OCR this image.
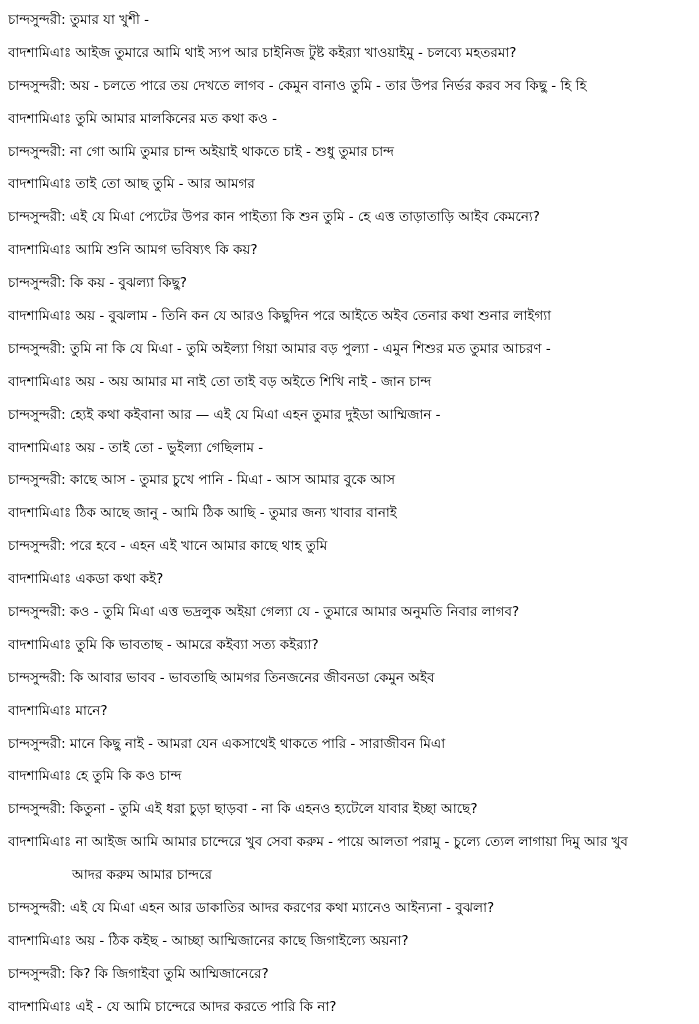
চান্দসুন্দরী: তুমার যা খুশী -
বাদশামিএাঃ আইজ তুমারে আমি থাই স্যপ আর চাইনিজ টুষ্ট কইর‍্যা খাওয়াইমু - চলব্যে মহতরমা?
চান্দসুন্দরী: অয় - চলতে পারে তয় দেখতে লাগব - কেমুন বানাও তুমি - তার উপর নির্ভর করব সব কিছু - হি হি
বাদশামিএাঃ তুমি আমার মালকিনের মত কথা কও -
চান্দসুন্দরী: না গো আমি তুমার চান্দ অইয়াই থাকতে চাই - শুধু তুমার চান্দ
বাদশামিএাঃ তাই তো আছ তুমি - আর আমগর
চান্দসুন্দরী: এই যে মিএা প্যেটের উপর কান পাইত্যা কি শুন তুমি - হে এত্ত তাড়াতাড়ি আইব কেমন্যে?
বাদশামিএাঃ আমি শুনি আমগ ভবিষ্যৎ কি কয়?
চান্দসুন্দরী: কি কয় - বুঝল্যা কিছু?
বাদশামিএাঃ অয় - বুঝলাম - তিনি কন যে আরও কিছুদিন পরে আইতে অইব তেনার কথা শুনার লাইগ্যা
চান্দসুন্দরী: তুমি না কি যে মিএা - তুমি অইল্যা গিয়া আমার বড় পুল্যা - এমুন শিশুর মত তুমার আচরণ -
বাদশামিএাঃ অয় - অয় আমার মা নাই তো তাই বড় অইতে শিখি নাই - জান চান্দ
চান্দসুন্দরী: হ্যেই কথা কইবানা আর — এই যে মিএা এহন তুমার দুইডা আম্মিজান -
বাদশামিএাঃ অয় - তাই তো - ভুইল্যা গেছিলাম -
চান্দসুন্দরী: কাছে আস - তুমার চুখে পানি - মিএা - আস আমার বুকে আস
বাদশামিএাঃ ঠিক আছে জানু - আমি ঠিক আছি - তুমার জন্য খাবার বানাই
চান্দসুন্দরী: পরে হবে - এহন এই খানে আমার কাছে থাহ তুমি
বাদশামিএাঃ একডা কথা কই?
চান্দসুন্দরী: কও - তুমি মিএা এত্ত ভদ্রলুক অইয়া গেল্যা যে - তুমারে আমার অনুমতি নিবার লাগব?
বাদশামিএাঃ তুমি কি ভাবতাছ - আমরে কইব্যা সত্য কইর‍্যা?
চান্দসুন্দরী: কি আবার ভাবব - ভাবতাছি আমগর তিনজনের জীবনডা কেমুন অইব
বাদশামিএাঃ মানে?
চান্দসুন্দরী: মানে কিছু নাই - আমরা যেন একসাথেই থাকতে পারি - সারাজীবন মিএা
বাদশামিএাঃ হে তুমি কি কও চান্দ
চান্দসুন্দরী: কিতুনা - তুমি এই ধরা চুড়া ছাড়বা - না কি এহনও হ্যটেলে যাবার ইচ্ছা আছে?
বাদশামিএাঃ না আইজ আমি আমার চান্দেরে খুব সেবা করুম - পায়ে আলতা পরামু - চুল্যে ত্যেল লাগায়া দিমু আর খুব
আদর করুম আমার চান্দরে
চান্দসুন্দরী: এই যে মিএা এহন আর ডাকাতির আদর করণের কথা ম্যানেও আইন্যনা - বুঝলা?
বাদশামিএাঃ অয় - ঠিক কইছ - আচ্ছা আম্মিজানের কাছে জিগাইল্যে অয়না?
চান্দসুন্দরী: কি? কি জিগাইবা তুমি আম্মিজানেরে?
বাদশামিএাঃ এই - যে আমি চান্দেরে আদর করতে পারি কি না?
